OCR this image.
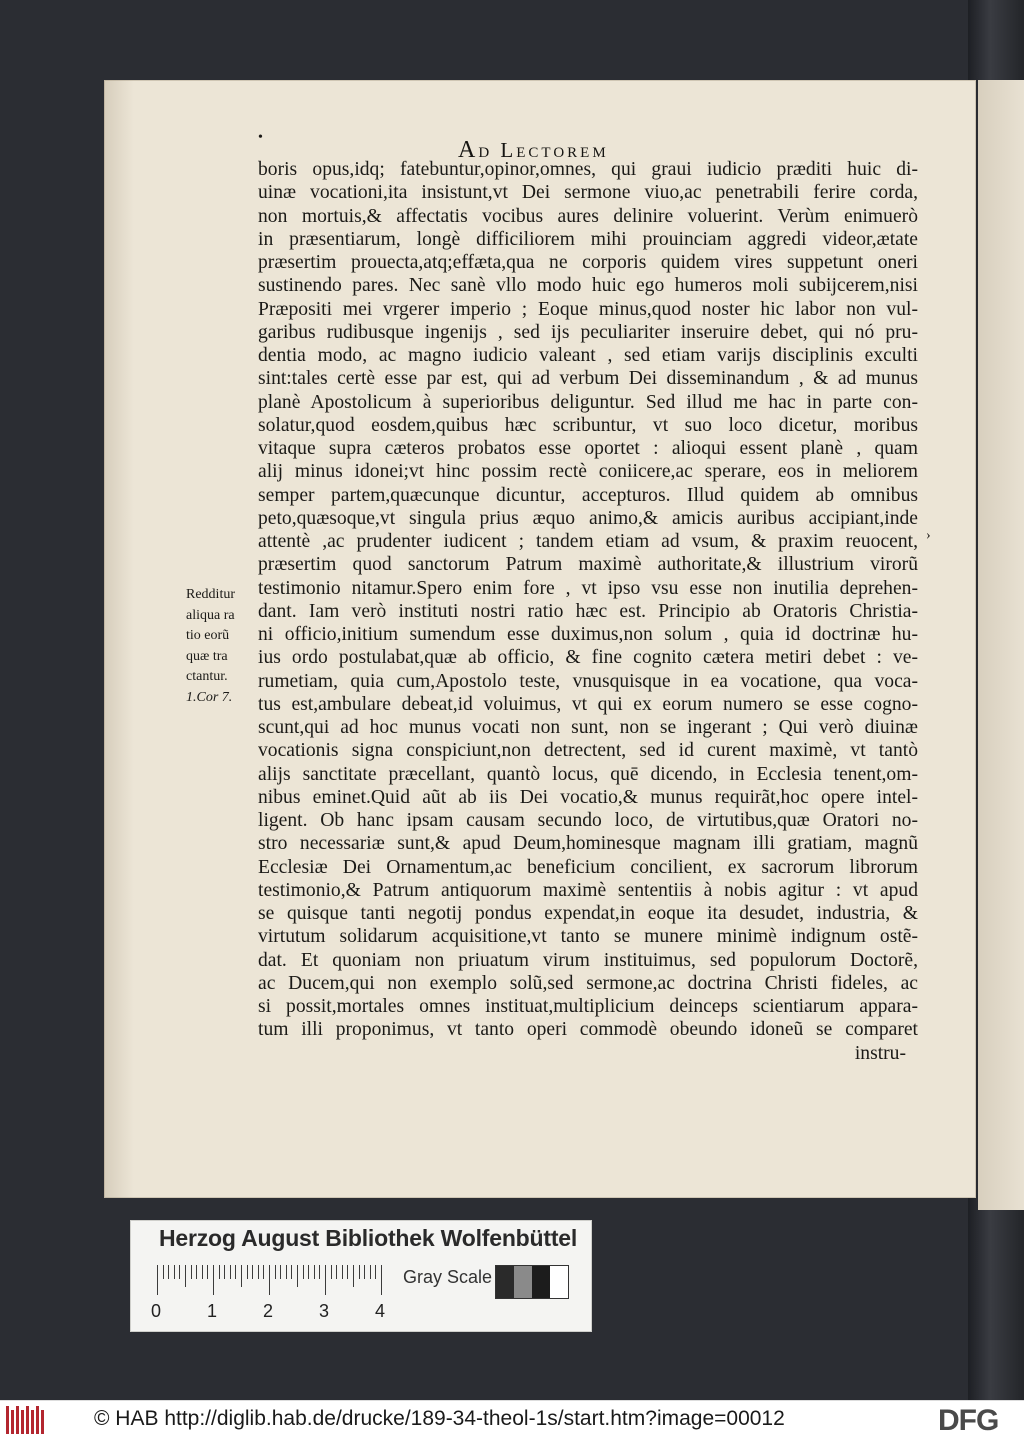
•	Ad Lectorem
boris opus,idq; fatebuntur,opinor,omnes, qui graui iudicio præditi huic di-
uinæ vocationi,ita insistunt,vt Dei sermone viuo,ac penetrabili ferire corda,
non mortuis,& affectatis vocibus aures delinire voluerint. Verùm enimuerò
in præsentiarum, longè difficiliorem mihi prouinciam aggredi videor,ætate
præsertim prouecta,atq;effæta,qua ne corporis quidem vires suppetunt oneri
sustinendo pares. Nec sanè vllo modo huic ego humeros moli subijcerem,nisi
Præpositi mei vrgerer imperio ; Eoque minus,quod noster hic labor non vul-
garibus rudibusque ingenijs , sed ijs peculiariter inseruire debet, qui nó pru-
dentia modo, ac magno iudicio valeant , sed etiam varijs disciplinis exculti
sint:tales certè esse par est, qui ad verbum Dei disseminandum , & ad munus
planè Apostolicum à superioribus deliguntur. Sed illud me hac in parte con-
solatur,quod eosdem,quibus hæc scribuntur, vt suo loco dicetur, moribus
vitaque supra cæteros probatos esse oportet : alioqui essent planè , quam
alij minus idonei;vt hinc possim rectè coniicere,ac sperare, eos in meliorem
semper partem,quæcunque dicuntur, accepturos. Illud quidem ab omnibus
peto,quæsoque,vt singula prius æquo animo,& amicis auribus accipiant,inde
attentè ,ac prudenter iudicent ; tandem etiam ad vsum, & praxim reuocent,
præsertim quod sanctorum Patrum maximè authoritate,& illustrium virorũ
testimonio nitamur.Spero enim fore , vt ipso vsu esse non inutilia deprehen-
dant. Iam verò instituti nostri ratio hæc est. Principio ab Oratoris Christia-
ni officio,initium sumendum esse duximus,non solum , quia id doctrinæ hu-
ius ordo postulabat,quæ ab officio, & fine cognito cætera metiri debet : ve-
rumetiam, quia cum,Apostolo teste, vnusquisque in ea vocatione, qua voca-
tus est,ambulare debeat,id voluimus, vt qui ex eorum numero se esse cogno-
scunt,qui ad hoc munus vocati non sunt, non se ingerant ; Qui verò diuinæ
vocationis signa conspiciunt,non detrectent, sed id curent maximè, vt tantò
alijs sanctitate præcellant, quantò locus, quē dicendo, in Ecclesia tenent,om-
nibus eminet.Quid aũt ab iis Dei vocatio,& munus requirãt,hoc opere intel-
ligent. Ob hanc ipsam causam secundo loco, de virtutibus,quæ Oratori no-
stro necessariæ sunt,& apud Deum,hominesque magnam illi gratiam, magnũ
Ecclesiæ Dei Ornamentum,ac beneficium concilient, ex sacrorum librorum
testimonio,& Patrum antiquorum maximè sententiis à nobis agitur : vt apud
se quisque tanti negotij pondus expendat,in eoque ita desudet, industria, &
virtutum solidarum acquisitione,vt tanto se munere minimè indignum ostẽ-
dat. Et quoniam non priuatum virum instituimus, sed populorum Doctorẽ,
ac Ducem,qui non exemplo solũ,sed sermone,ac doctrina Christi fideles, ac
si possit,mortales omnes instituat,multiplicium deinceps scientiarum appara-
tum illi proponimus, vt tanto operi commodè obeundo idoneũ se comparet
instru-
Redditur
aliqua ra
tio eorũ
quæ tra
ctantur.
1.Cor 7.
›
Herzog August Bibliothek Wolfenbüttel
0	1	2	3	4
Gray Scale
© HAB http://diglib.hab.de/drucke/189-34-theol-1s/start.htm?image=00012	DFG
